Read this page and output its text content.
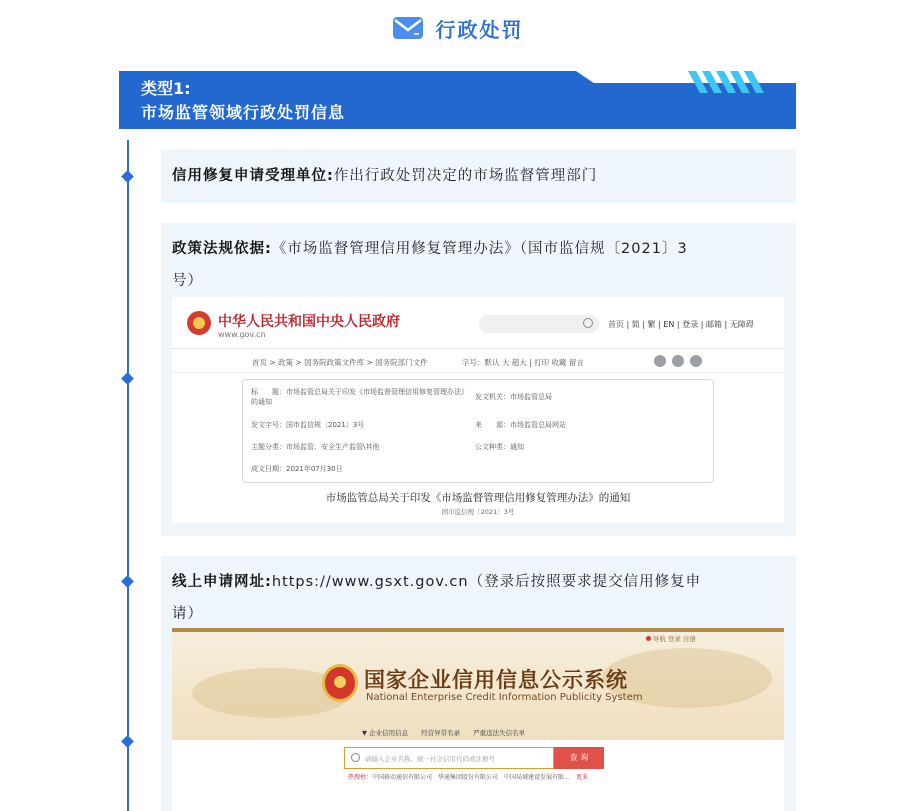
行政处罚
类型1:
市场监管领域行政处罚信息
信用修复申请受理单位:作出行政处罚决定的市场监督管理部门
政策法规依据:《市场监督管理信用修复管理办法》（国市监信规〔2021〕3
号）
中华人民共和国中央人民政府
www.gov.cn
首页 | 简 | 繁 | EN | 登录 | 邮箱 | 无障碍
首页 > 政策 > 国务院政策文件库 > 国务院部门文件	字号：默认 大 超大 | 打印 收藏 留言
标　　题：市场监管总局关于印发《市场监督管理信用修复管理办法》的通知
发文字号：国市监信规〔2021〕3号
主题分类：市场监管、安全生产监管\其他
成文日期：2021年07月30日
发文机关：市场监管总局
来　　源：市场监管总局网站
公文种类：通知
市场监管总局关于印发《市场监督管理信用修复管理办法》的通知
国市监信规〔2021〕3号
线上申请网址:https://www.gsxt.gov.cn（登录后按照要求提交信用修复申
请）
导航 登录 注册
国家企业信用信息公示系统
National Enterprise Credit Information Publicity System
▼ 企业信用信息　　经营异常名录　　严重违法失信名单
请输入企业名称、统一社会信用代码或注册号	查 询
热搜榜：中国移动通信有限公司　华通集团股份有限公司　中国局域建设发展有限…　 更多
